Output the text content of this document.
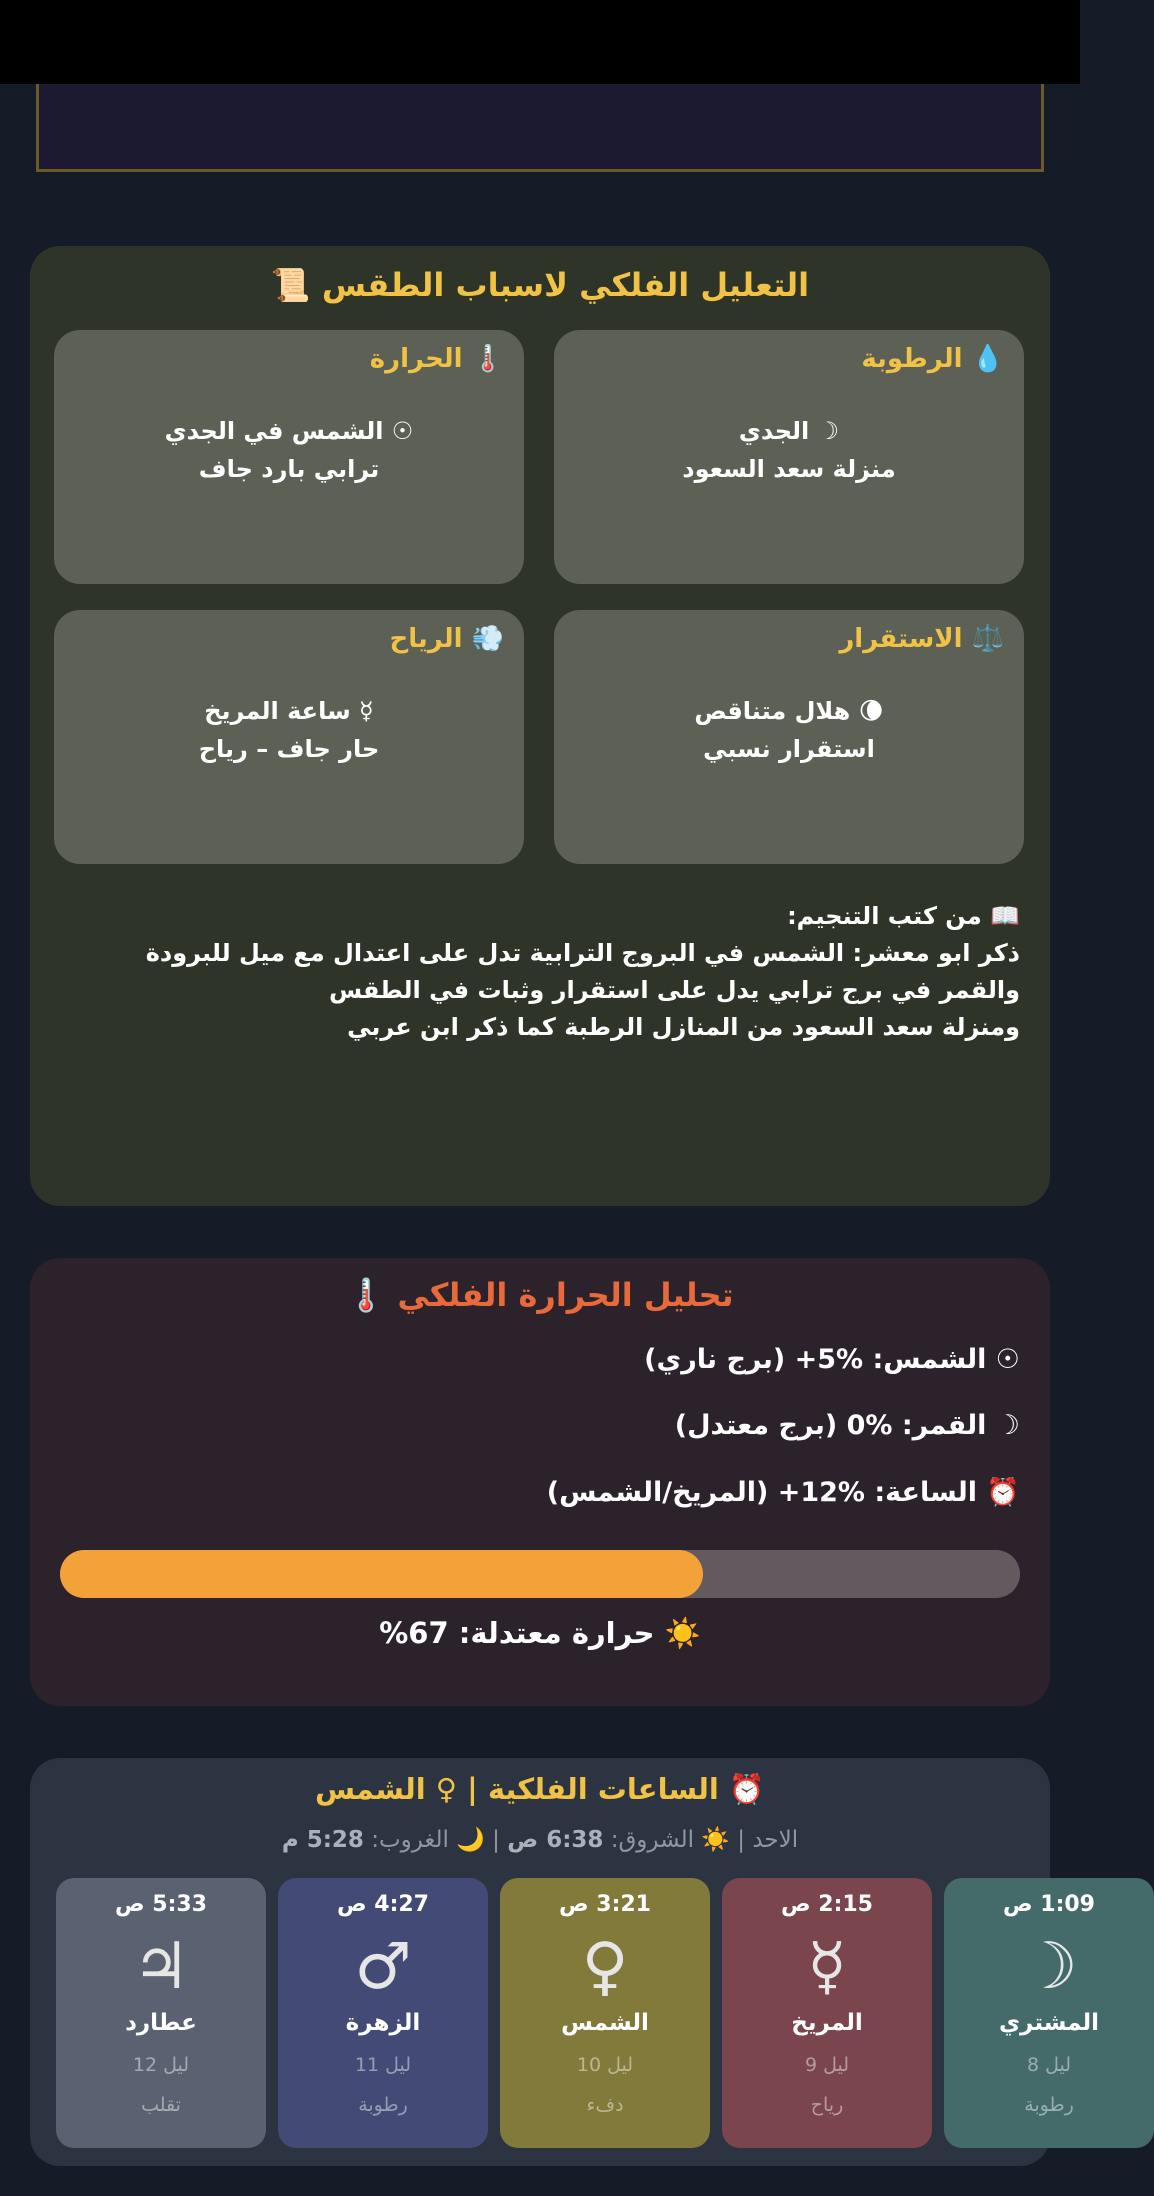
📜 التعليل الفلكي لاسباب الطقس
💧 الرطوبة
☽ الجدي
منزلة سعد السعود
🌡️ الحرارة
☉ الشمس في الجدي
ترابي بارد جاف
⚖️ الاستقرار
🌘 هلال متناقص
استقرار نسبي
💨 الرياح
☿ ساعة المريخ
حار جاف – رياح
📖 من كتب التنجيم:
ذكر ابو معشر: الشمس في البروج الترابية تدل على اعتدال مع ميل للبرودة
والقمر في برج ترابي يدل على استقرار وثبات في الطقس
ومنزلة سعد السعود من المنازل الرطبة كما ذكر ابن عربي
🌡️ تحليل الحرارة الفلكي
☉ الشمس: +5% (برج ناري)
☽ القمر: 0% (برج معتدل)
⏰ الساعة: +12% (المريخ/الشمس)
☀️ حرارة معتدلة: 67%
⏰ الساعات الفلكية | ♀ الشمس
الاحد | ☀️ الشروق: 6:38 ص | 🌙 الغروب: 5:28 م
5:33 ص
♃
عطارد
ليل 12
تقلب
4:27 ص
♂
الزهرة
ليل 11
رطوبة
3:21 ص
♀
الشمس
ليل 10
دفء
2:15 ص
☿
المريخ
ليل 9
رياح
1:09 ص
☽
المشتري
ليل 8
رطوبة
